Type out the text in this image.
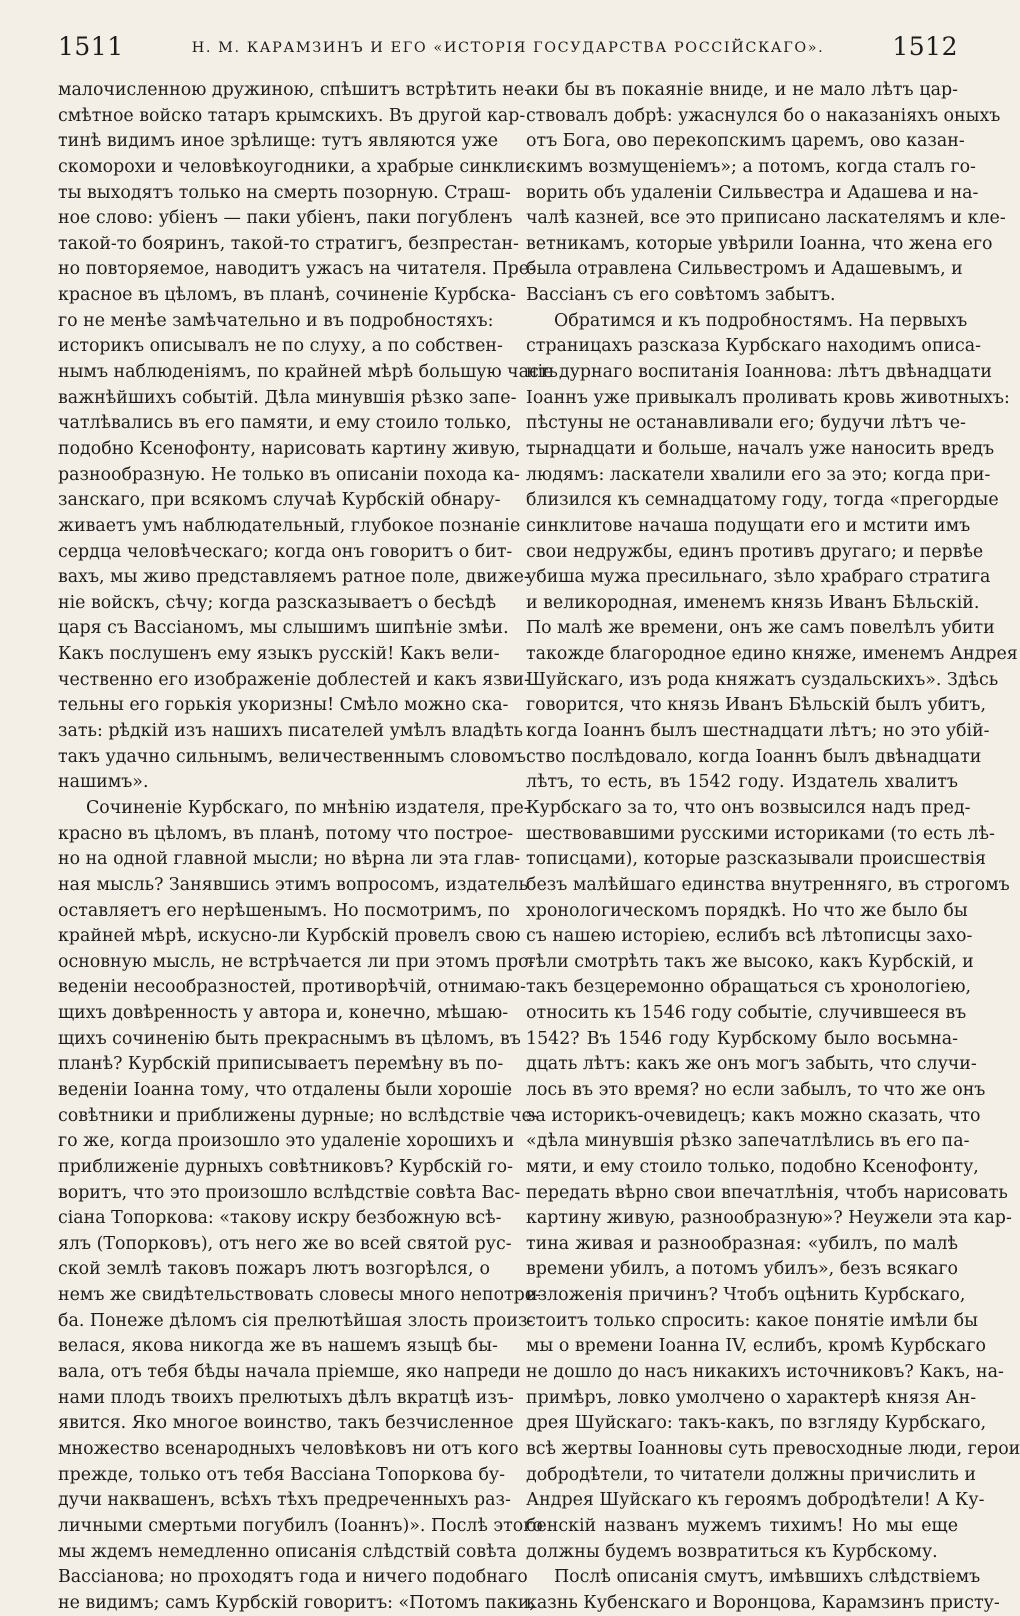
1511	Н. М. КАРАМЗИНЪ И ЕГО «ИСТОРІЯ ГОСУДАРСТВА РОССІЙСКАГО».	1512

малочисленною дружиною, спѣшитъ встрѣтить не-
смѣтное войско татаръ крымскихъ. Въ другой кар-
тинѣ видимъ иное зрѣлище: тутъ являются уже
скоморохи и человѣкоугодники, а храбрые синкли-
ты выходятъ только на смерть позорную. Страш-
ное слово: убіенъ — паки убіенъ, паки погубленъ
такой-то бояринъ, такой-то стратигъ, безпрестан-
но повторяемое, наводитъ ужасъ на читателя. Пре-
красное въ цѣломъ, въ планѣ, сочиненіе Курбска-
го не менѣе замѣчательно и въ подробностяхъ:
историкъ описывалъ не по слуху, а по собствен-
нымъ наблюденіямъ, по крайней мѣрѣ большую часть
важнѣйшихъ событій. Дѣла минувшія рѣзко запе-
чатлѣвались въ его памяти, и ему стоило только,
подобно Ксенофонту, нарисовать картину живую,
разнообразную. Не только въ описаніи похода ка-
занскаго, при всякомъ случаѣ Курбскій обнару-
живаетъ умъ наблюдательный, глубокое познаніе
сердца человѣческаго; когда онъ говоритъ о бит-
вахъ, мы живо представляемъ ратное поле, движе-
ніе войскъ, сѣчу; когда разсказываетъ о бесѣдѣ
царя съ Вассіаномъ, мы слышимъ шипѣніе змѣи.
Какъ послушенъ ему языкъ русскій! Какъ вели-
чественно его изображеніе доблестей и какъ язви-
тельны его горькія укоризны! Смѣло можно ска-
зать: рѣдкій изъ нашихъ писателей умѣлъ владѣть
такъ удачно сильнымъ, величественнымъ словомъ
нашимъ».

Сочиненіе Курбскаго, по мнѣнію издателя, пре-
красно въ цѣломъ, въ планѣ, потому что построе-
но на одной главной мысли; но вѣрна ли эта глав-
ная мысль? Занявшись этимъ вопросомъ, издатель
оставляетъ его нерѣшенымъ. Но посмотримъ, по
крайней мѣрѣ, искусно-ли Курбскій провелъ свою
основную мысль, не встрѣчается ли при этомъ про-
веденіи несообразностей, противорѣчій, отнимаю-
щихъ довѣренность у автора и, конечно, мѣшаю-
щихъ сочиненію быть прекраснымъ въ цѣломъ, въ
планѣ? Курбскій приписываетъ перемѣну въ по-
веденіи Іоанна тому, что отдалены были хорошіе
совѣтники и приближены дурные; но вслѣдствіе че-
го же, когда произошло это удаленіе хорошихъ и
приближеніе дурныхъ совѣтниковъ? Курбскій го-
воритъ, что это произошло вслѣдствіе совѣта Вас-
сіана Топоркова: «такову искру безбожную всѣ-
ялъ (Топорковъ), отъ него же во всей святой рус-
ской землѣ таковъ пожаръ лютъ возгорѣлся, о
немъ же свидѣтельствовать словесы много непотре-
ба. Понеже дѣломъ сія прелютѣйшая злость произ-
велася, якова никогда же въ нашемъ языцѣ бы-
вала, отъ тебя бѣды начала пріемше, яко напреди
нами плодъ твоихъ прелютыхъ дѣлъ вкратцѣ изъ-
явится. Яко многое воинство, такъ безчисленное
множество всенародныхъ человѣковъ ни отъ кого
прежде, только отъ тебя Вассіана Топоркова бу-
дучи наквашенъ, всѣхъ тѣхъ предреченныхъ раз-
личными смертьми погубилъ (Іоаннъ)». Послѣ этого
мы ждемъ немедленно описанія слѣдствій совѣта
Вассіанова; но проходятъ года и ничего подобнаго
не видимъ; самъ Курбскій говоритъ: «Потомъ паки,

аки бы въ покаяніе вниде, и не мало лѣтъ цар-
ствовалъ добрѣ: ужаснулся бо о наказаніяхъ оныхъ
отъ Бога, ово перекопскимъ царемъ, ово казан-
скимъ возмущеніемъ»; а потомъ, когда сталъ го-
ворить объ удаленіи Сильвестра и Адашева и на-
чалѣ казней, все это приписано ласкателямъ и кле-
ветникамъ, которые увѣрили Іоанна, что жена его
была отравлена Сильвестромъ и Адашевымъ, и
Вассіанъ съ его совѣтомъ забытъ.

Обратимся и къ подробностямъ. На первыхъ
страницахъ разсказа Курбскаго находимъ описа-
ніе дурнаго воспитанія Іоаннова: лѣтъ двѣнадцати
Іоаннъ уже привыкалъ проливать кровь животныхъ:
пѣстуны не останавливали его; будучи лѣтъ че-
тырнадцати и больше, началъ уже наносить вредъ
людямъ: ласкатели хвалили его за это; когда при-
близился къ семнадцатому году, тогда «прегордые
синклитове начаша подущати его и мстити имъ
свои недружбы, единъ противъ другаго; и первѣе
убиша мужа пресильнаго, зѣло храбраго стратига
и великородная, именемъ князь Иванъ Бѣльскій.
По малѣ же времени, онъ же самъ повелѣлъ убити
такожде благородное едино княже, именемъ Андрея
Шуйскаго, изъ рода княжатъ суздальскихъ». Здѣсь
говорится, что князь Иванъ Бѣльскій былъ убитъ,
когда Іоаннъ былъ шестнадцати лѣтъ; но это убій-
ство послѣдовало, когда Іоаннъ былъ двѣнадцати
лѣтъ, то есть, въ 1542 году. Издатель хвалитъ
Курбскаго за то, что онъ возвысился надъ пред-
шествовавшими русскими историками (то есть лѣ-
тописцами), которые разсказывали происшествія
безъ малѣйшаго единства внутренняго, въ строгомъ
хронологическомъ порядкѣ. Но что же было бы
съ нашею исторіею, еслибъ всѣ лѣтописцы захо-
тѣли смотрѣть такъ же высоко, какъ Курбскій, и
такъ безцеремонно обращаться съ хронологіею,
относить къ 1546 году событіе, случившееся въ
1542? Въ 1546 году Курбскому было восьмна-
дцать лѣтъ: какъ же онъ могъ забыть, что случи-
лось въ это время? но если забылъ, то что же онъ
за историкъ-очевидецъ; какъ можно сказать, что
«дѣла минувшія рѣзко запечатлѣлись въ его па-
мяти, и ему стоило только, подобно Ксенофонту,
передать вѣрно свои впечатлѣнія, чтобъ нарисовать
картину живую, разнообразную»? Неужели эта кар-
тина живая и разнообразная: «убилъ, по малѣ
времени убилъ, а потомъ убилъ», безъ всякаго
изложенія причинъ? Чтобъ оцѣнить Курбскаго,
стоитъ только спросить: какое понятіе имѣли бы
мы о времени Іоанна IV, еслибъ, кромѣ Курбскаго
не дошло до насъ никакихъ источниковъ? Какъ, на-
примѣръ, ловко умолчено о характерѣ князя Ан-
дрея Шуйскаго: такъ-какъ, по взгляду Курбскаго,
всѣ жертвы Іоанновы суть превосходные люди, герои
добродѣтели, то читатели должны причислить и
Андрея Шуйскаго къ героямъ добродѣтели! А Ку-
бенскій названъ мужемъ тихимъ! Но мы еще
должны будемъ возвратиться къ Курбскому.

Послѣ описанія смутъ, имѣвшихъ слѣдствіемъ
казнь Кубенскаго и Воронцова, Карамзинъ присту-
